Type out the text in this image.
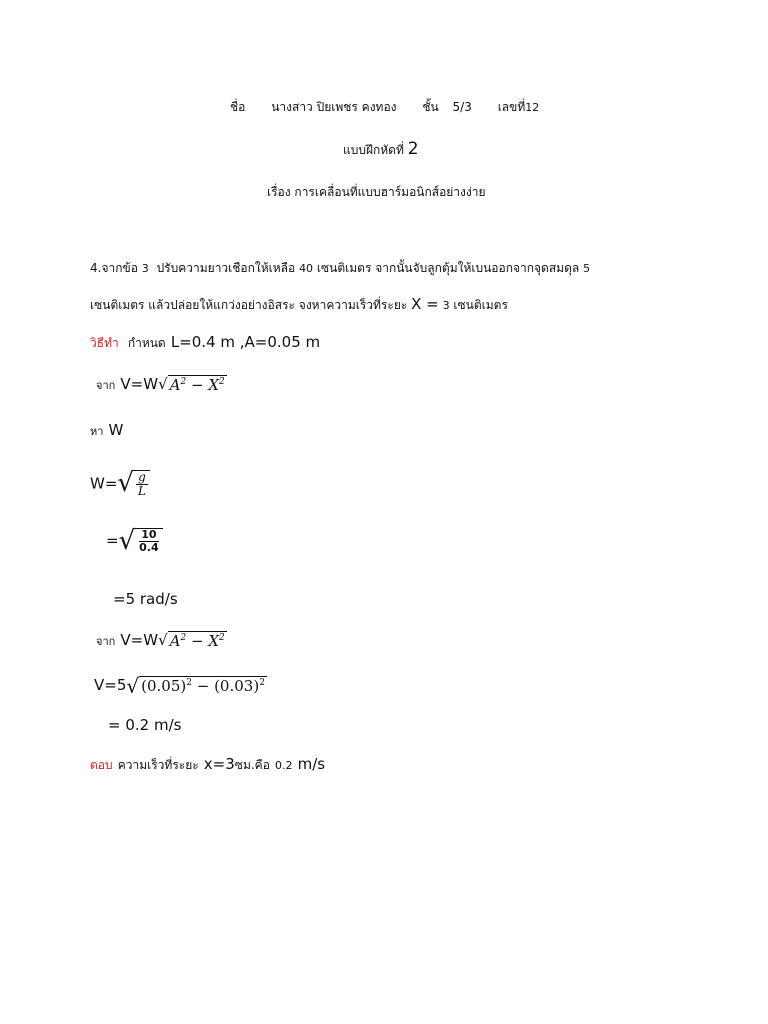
ชื่อ นางสาว ปิยเพชร คงทอง ชั้น 5/3 เลขที่12
แบบฝึกหัดที่ 2
เรื่อง การเคลื่อนที่แบบฮาร์มอนิกส์อย่างง่าย
4.จากข้อ 3 ปรับความยาวเชือกให้เหลือ 40 เซนติเมตร จากนั้นจับลูกตุ้มให้เบนออกจากจุดสมดุล 5
เซนติเมตร แล้วปล่อยให้แกว่งอย่างอิสระ จงหาความเร็วที่ระยะ X = 3 เซนติเมตร
วิธีทำ กำหนด L=0.4 m ,A=0.05 m
จาก V=W √ $A^2 - X^2$
หา W
W= √ $\frac{g}{L}$
= √ $\frac{10}{0.4}$
=5 rad/s
จาก V=W √ $A^2 - X^2$
V=5 √ $(0.05)^2 - (0.03)^2$
= 0.2 m/s
ตอบ ความเร็วที่ระยะ x=3ซม.คือ 0.2 m/s
